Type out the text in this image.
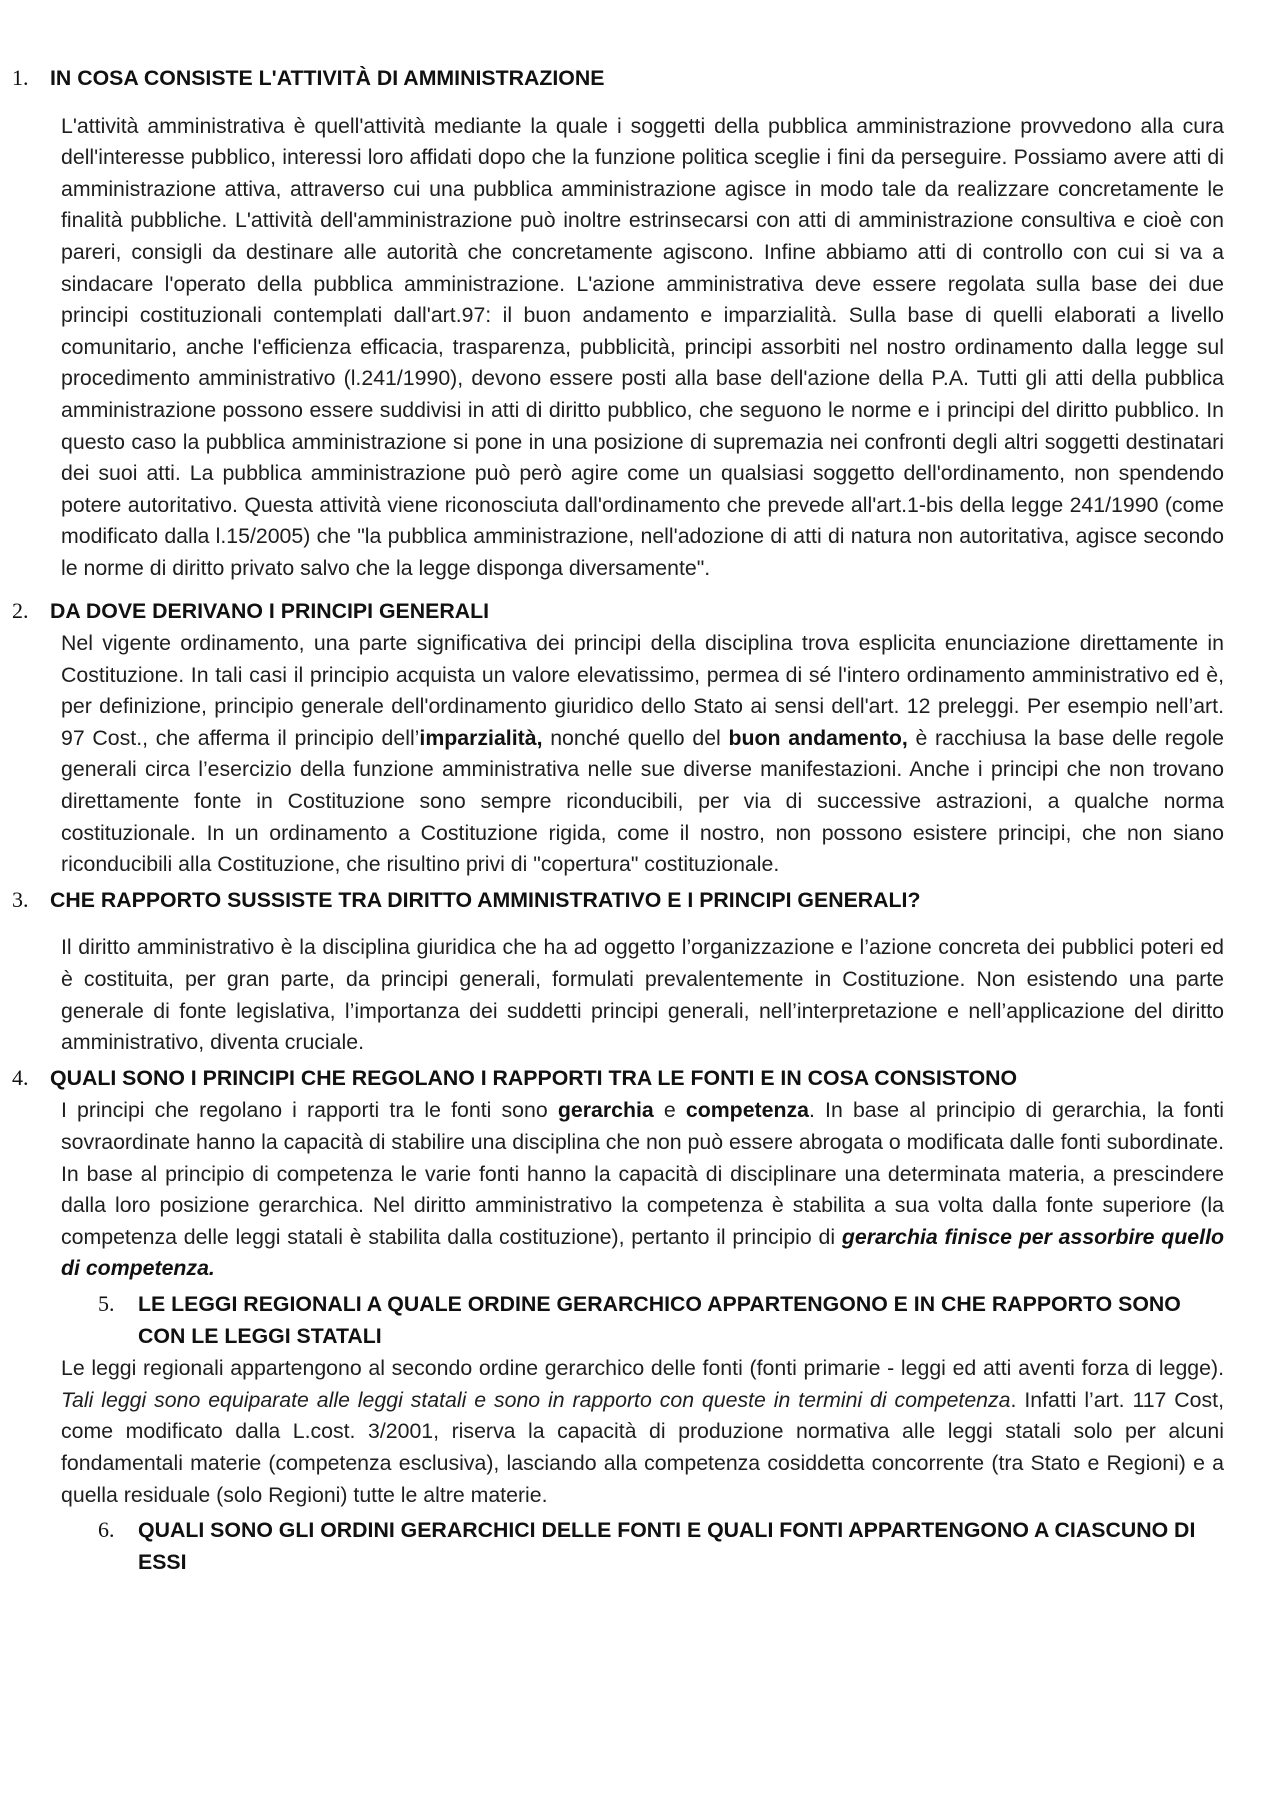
1.	IN COSA CONSISTE L'ATTIVITÀ DI AMMINISTRAZIONE
L'attività amministrativa è quell'attività mediante la quale i soggetti della pubblica amministrazione provvedono alla cura dell'interesse pubblico, interessi loro affidati dopo che la funzione politica sceglie i fini da perseguire. Possiamo avere atti di amministrazione attiva, attraverso cui una pubblica amministrazione agisce in modo tale da realizzare concretamente le finalità pubbliche. L'attività dell'amministrazione può inoltre estrinsecarsi con atti di amministrazione consultiva e cioè con pareri, consigli da destinare alle autorità che concretamente agiscono. Infine abbiamo atti di controllo con cui si va a sindacare l'operato della pubblica amministrazione. L'azione amministrativa deve essere regolata sulla base dei due principi costituzionali contemplati dall'art.97: il buon andamento e imparzialità. Sulla base di quelli elaborati a livello comunitario, anche l'efficienza efficacia, trasparenza, pubblicità, principi assorbiti nel nostro ordinamento dalla legge sul procedimento amministrativo (l.241/1990), devono essere posti alla base dell'azione della P.A. Tutti gli atti della pubblica amministrazione possono essere suddivisi in atti di diritto pubblico, che seguono le norme e i principi del diritto pubblico. In questo caso la pubblica amministrazione si pone in una posizione di supremazia nei confronti degli altri soggetti destinatari dei suoi atti. La pubblica amministrazione può però agire come un qualsiasi soggetto dell'ordinamento, non spendendo potere autoritativo. Questa attività viene riconosciuta dall'ordinamento che prevede all'art.1-bis della legge 241/1990 (come modificato dalla l.15/2005) che "la pubblica amministrazione, nell'adozione di atti di natura non autoritativa, agisce secondo le norme di diritto privato salvo che la legge disponga diversamente".
2.	DA DOVE DERIVANO I PRINCIPI GENERALI
Nel vigente ordinamento, una parte significativa dei principi della disciplina trova esplicita enunciazione direttamente in Costituzione. In tali casi il principio acquista un valore elevatissimo, permea di sé l'intero ordinamento amministrativo ed è, per definizione, principio generale dell'ordinamento giuridico dello Stato ai sensi dell'art. 12 preleggi. Per esempio nell’art. 97 Cost., che afferma il principio dell’imparzialità, nonché quello del buon andamento, è racchiusa la base delle regole generali circa l’esercizio della funzione amministrativa nelle sue diverse manifestazioni. Anche i principi che non trovano direttamente fonte in Costituzione sono sempre riconducibili, per via di successive astrazioni, a qualche norma costituzionale. In un ordinamento a Costituzione rigida, come il nostro, non possono esistere principi, che non siano riconducibili alla Costituzione, che risultino privi di "copertura" costituzionale.
3.	CHE RAPPORTO SUSSISTE TRA DIRITTO AMMINISTRATIVO E I PRINCIPI GENERALI?
Il diritto amministrativo è la disciplina giuridica che ha ad oggetto l’organizzazione e l’azione concreta dei pubblici poteri ed è costituita, per gran parte, da principi generali, formulati prevalentemente in Costituzione. Non esistendo una parte generale di fonte legislativa, l’importanza dei suddetti principi generali, nell’interpretazione e nell’applicazione del diritto amministrativo, diventa cruciale.
4.	QUALI SONO I PRINCIPI CHE REGOLANO I RAPPORTI TRA LE FONTI E IN COSA CONSISTONO
I principi che regolano i rapporti tra le fonti sono gerarchia e competenza. In base al principio di gerarchia, la fonti sovraordinate hanno la capacità di stabilire una disciplina che non può essere abrogata o modificata dalle fonti subordinate. In base al principio di competenza le varie fonti hanno la capacità di disciplinare una determinata materia, a prescindere dalla loro posizione gerarchica. Nel diritto amministrativo la competenza è stabilita a sua volta dalla fonte superiore (la competenza delle leggi statali è stabilita dalla costituzione), pertanto il principio di gerarchia finisce per assorbire quello di competenza.
5.	LE LEGGI REGIONALI A QUALE ORDINE GERARCHICO APPARTENGONO E IN CHE RAPPORTO SONO CON LE LEGGI STATALI
Le leggi regionali appartengono al secondo ordine gerarchico delle fonti (fonti primarie - leggi ed atti aventi forza di legge). Tali leggi sono equiparate alle leggi statali e sono in rapporto con queste in termini di competenza. Infatti l’art. 117 Cost, come modificato dalla L.cost. 3/2001, riserva la capacità di produzione normativa alle leggi statali solo per alcuni fondamentali materie (competenza esclusiva), lasciando alla competenza cosiddetta concorrente (tra Stato e Regioni) e a quella residuale (solo Regioni) tutte le altre materie.
6.	QUALI SONO GLI ORDINI GERARCHICI DELLE FONTI E QUALI FONTI APPARTENGONO A CIASCUNO DI ESSI
